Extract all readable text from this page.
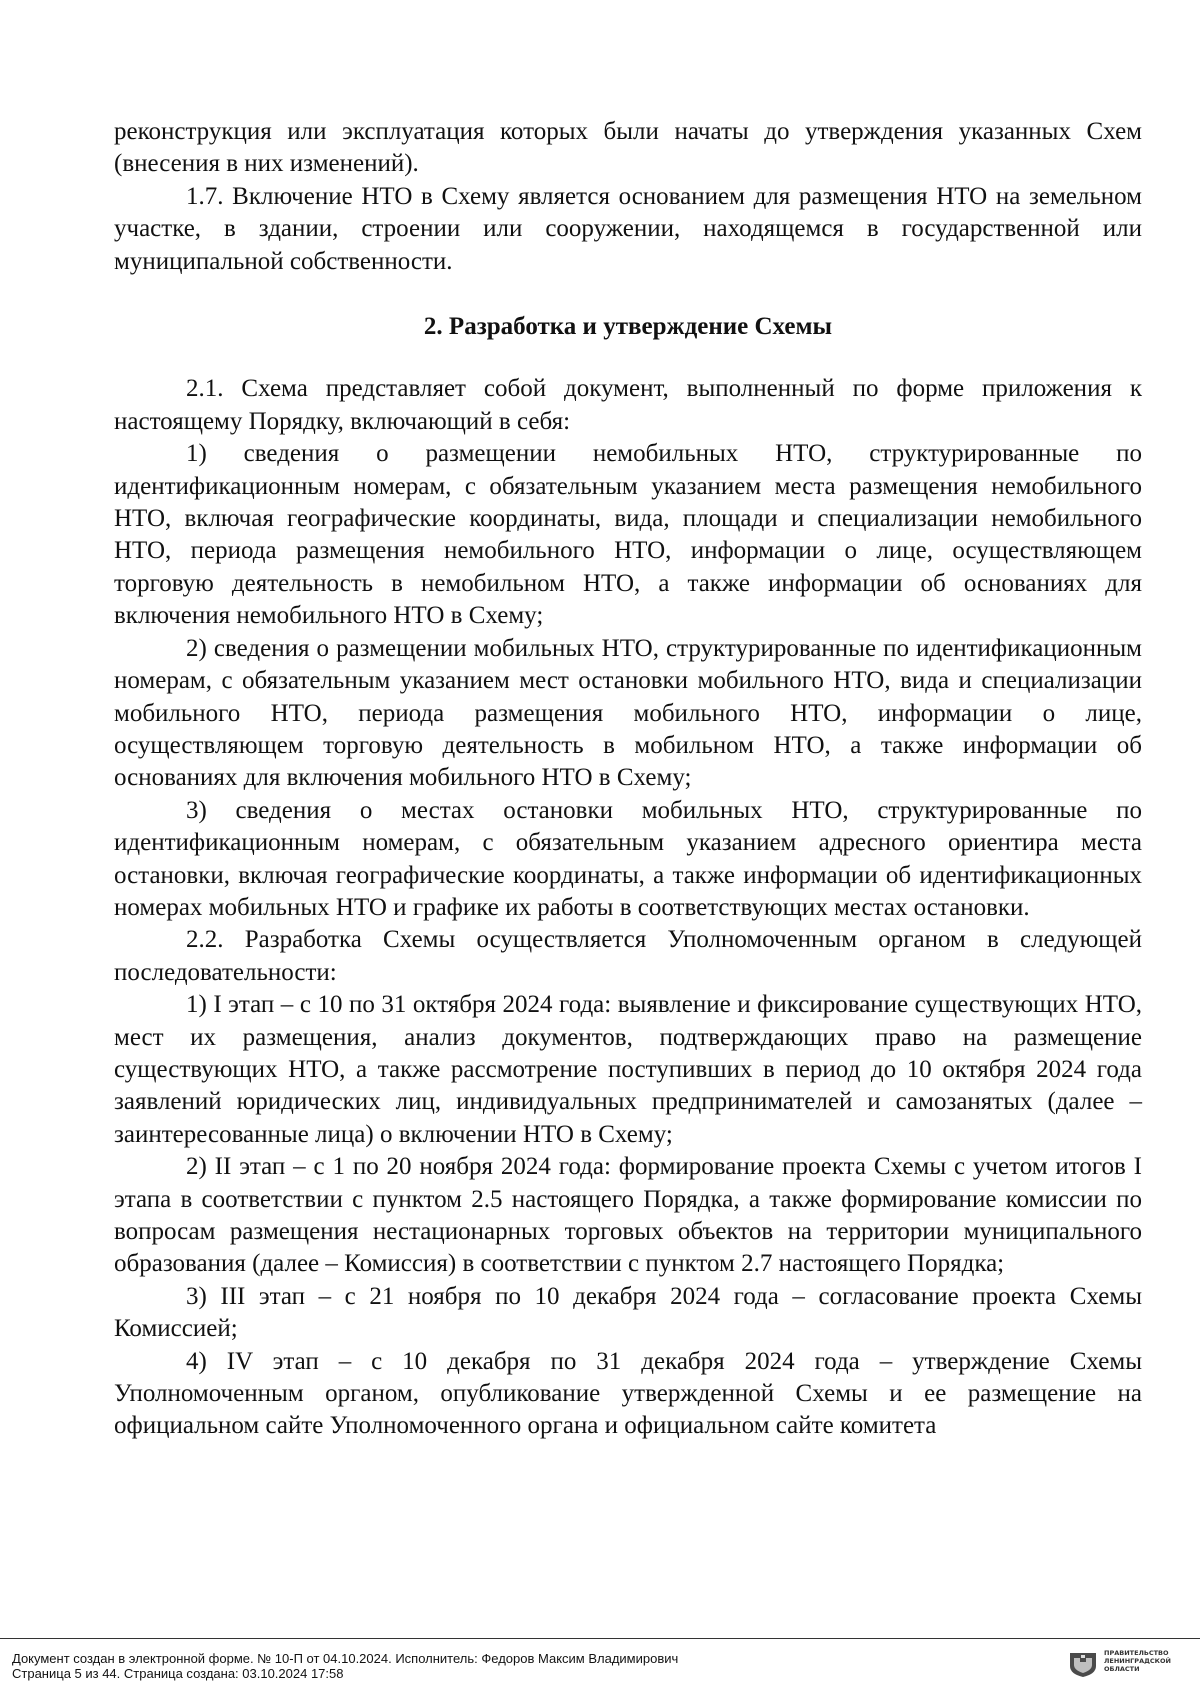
реконструкция или эксплуатация которых были начаты до утверждения указанных Схем (внесения в них изменений).

1.7. Включение НТО в Схему является основанием для размещения НТО на земельном участке, в здании, строении или сооружении, находящемся в государственной или муниципальной собственности.

2. Разработка и утверждение Схемы

2.1. Схема представляет собой документ, выполненный по форме приложения к настоящему Порядку, включающий в себя:

1) сведения о размещении немобильных НТО, структурированные по идентификационным номерам, с обязательным указанием места размещения немобильного НТО, включая географические координаты, вида, площади и специализации немобильного НТО, периода размещения немобильного НТО, информации о лице, осуществляющем торговую деятельность в немобильном НТО, а также информации об основаниях для включения немобильного НТО в Схему;

2) сведения о размещении мобильных НТО, структурированные по идентификационным номерам, с обязательным указанием мест остановки мобильного НТО, вида и специализации мобильного НТО, периода размещения мобильного НТО, информации о лице, осуществляющем торговую деятельность в мобильном НТО, а также информации об основаниях для включения мобильного НТО в Схему;

3) сведения о местах остановки мобильных НТО, структурированные по идентификационным номерам, с обязательным указанием адресного ориентира места остановки, включая географические координаты, а также информации об идентификационных номерах мобильных НТО и графике их работы в соответствующих местах остановки.

2.2. Разработка Схемы осуществляется Уполномоченным органом в следующей последовательности:

1) I этап – с 10 по 31 октября 2024 года: выявление и фиксирование существующих НТО, мест их размещения, анализ документов, подтверждающих право на размещение существующих НТО, а также рассмотрение поступивших в период до 10 октября 2024 года заявлений юридических лиц, индивидуальных предпринимателей и самозанятых (далее – заинтересованные лица) о включении НТО в Схему;

2) II этап – с 1 по 20 ноября 2024 года: формирование проекта Схемы с учетом итогов I этапа в соответствии с пунктом 2.5 настоящего Порядка, а также формирование комиссии по вопросам размещения нестационарных торговых объектов на территории муниципального образования (далее – Комиссия) в соответствии с пунктом 2.7 настоящего Порядка;

3) III этап – с 21 ноября по 10 декабря 2024 года – согласование проекта Схемы Комиссией;

4) IV этап – с 10 декабря по 31 декабря 2024 года – утверждение Схемы Уполномоченным органом, опубликование утвержденной Схемы и ее размещение на официальном сайте Уполномоченного органа и официальном сайте комитета

Документ создан в электронной форме. № 10-П от 04.10.2024. Исполнитель: Федоров Максим Владимирович
Страница 5 из 44. Страница создана: 03.10.2024 17:58
ПРАВИТЕЛЬСТВО ЛЕНИНГРАДСКОЙ ОБЛАСТИ
